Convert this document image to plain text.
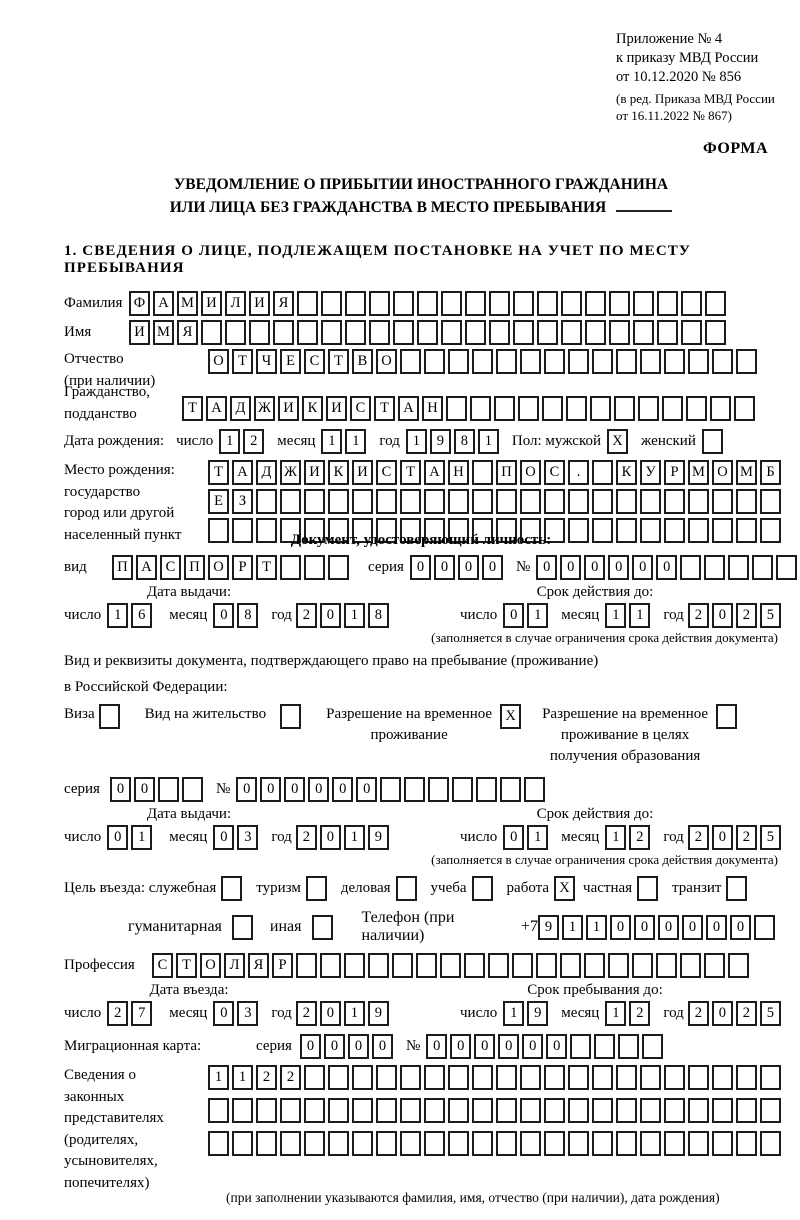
Приложение № 4
к приказу МВД России
от 10.12.2020 № 856
(в ред. Приказа МВД России
от 16.11.2022 № 867)
ФОРМА
УВЕДОМЛЕНИЕ О ПРИБЫТИИ ИНОСТРАННОГО ГРАЖДАНИНА
ИЛИ ЛИЦА БЕЗ ГРАЖДАНСТВА В МЕСТО ПРЕБЫВАНИЯ
1. СВЕДЕНИЯ О ЛИЦЕ, ПОДЛЕЖАЩЕМ ПОСТАНОВКЕ НА УЧЕТ ПО МЕСТУ ПРЕБЫВАНИЯ
Фамилия Ф А М И Л И Я
Имя	И М Я
Отчество
(при наличии)
О Т	Ч	Е	С	Т	В О
Гражданство,
подданство	Т А Д Ж И К И С	Т А Н
Дата рождения: число 1	2	месяц 1	1	год 1	9	8	1	Пол: мужской X	женский
Место рождения:
государство
город или другой
населенный пункт
Т А Д Ж И К И С	Т А Н	П О С	.	К У	Р М О М Б
Е	З
Документ, удостоверяющий личность:
вид	П А С П О	Р	Т	серия 0	0	0	0	№ 0	0	0	0	0	0
Дата выдачи:
число 1	6	месяц 0	8	год 2	0	1	8
Срок действия до:
число 0	1	месяц 1	1	год 2	0	2	5
(заполняется в случае ограничения срока действия документа)
Вид и реквизиты документа, подтверждающего право на пребывание (проживание)
в Российской Федерации:
Виза	Вид на жительство	Разрешение на временное
проживание
X	Разрешение на временное
проживание в целях
получения образования
серия	0	0	№ 0	0	0	0	0	0
Дата выдачи:
число 0	1	месяц 0	3	год 2	0	1	9
Срок действия до:
число 0	1	месяц 1	2	год 2	0	2	5
(заполняется в случае ограничения срока действия документа)
Цель въезда: служебная	туризм	деловая	учеба	работа X частная	транзит
гуманитарная	иная
Телефон (при наличии)
+7 9	1	1	0	0	0	0	0	0
Профессия	С	Т О Л Я	Р
Дата въезда:
число 2	7	месяц 0	3	год 2	0	1	9
Срок пребывания до:
число 1	9	месяц 1	2	год 2	0	2	5
Миграционная карта:	серия	0	0	0	0	№ 0	0	0	0	0	0
Сведения о
законных
представителях
(родителях,
усыновителях,
попечителях)
1	1	2	2
(при заполнении указываются фамилия, имя, отчество (при наличии), дата рождения)
